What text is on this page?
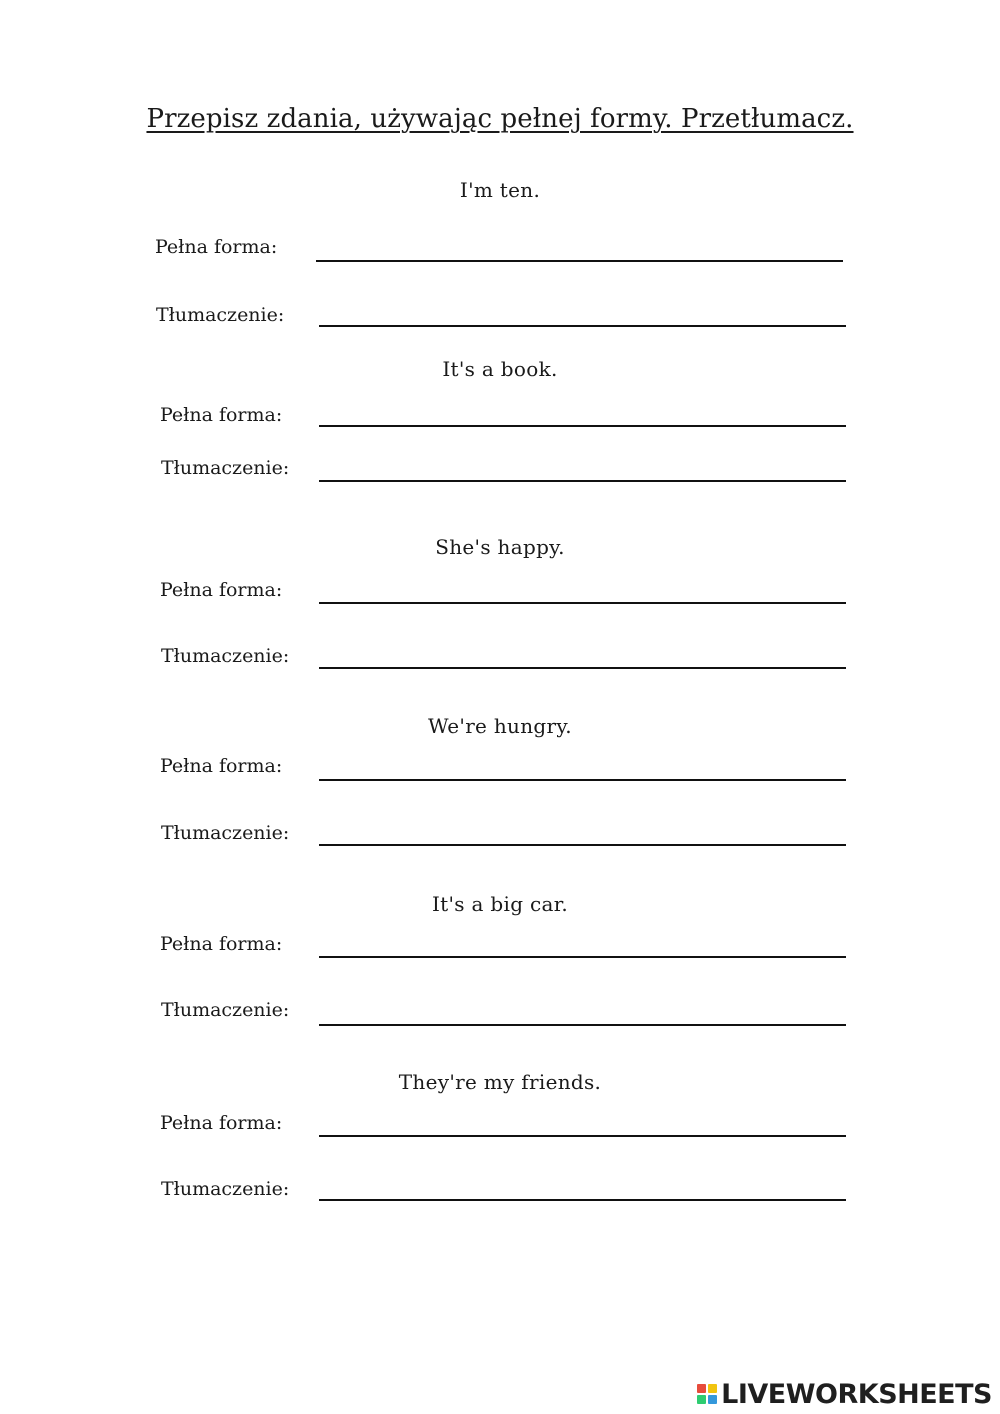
Przepisz zdania, używając pełnej formy. Przetłumacz.
I'm ten.
Pełna forma:
Tłumaczenie:
It's a book.
Pełna forma:
Tłumaczenie:
She's happy.
Pełna forma:
Tłumaczenie:
We're hungry.
Pełna forma:
Tłumaczenie:
It's a big car.
Pełna forma:
Tłumaczenie:
They're my friends.
Pełna forma:
Tłumaczenie:
LIVEWORKSHEETS
